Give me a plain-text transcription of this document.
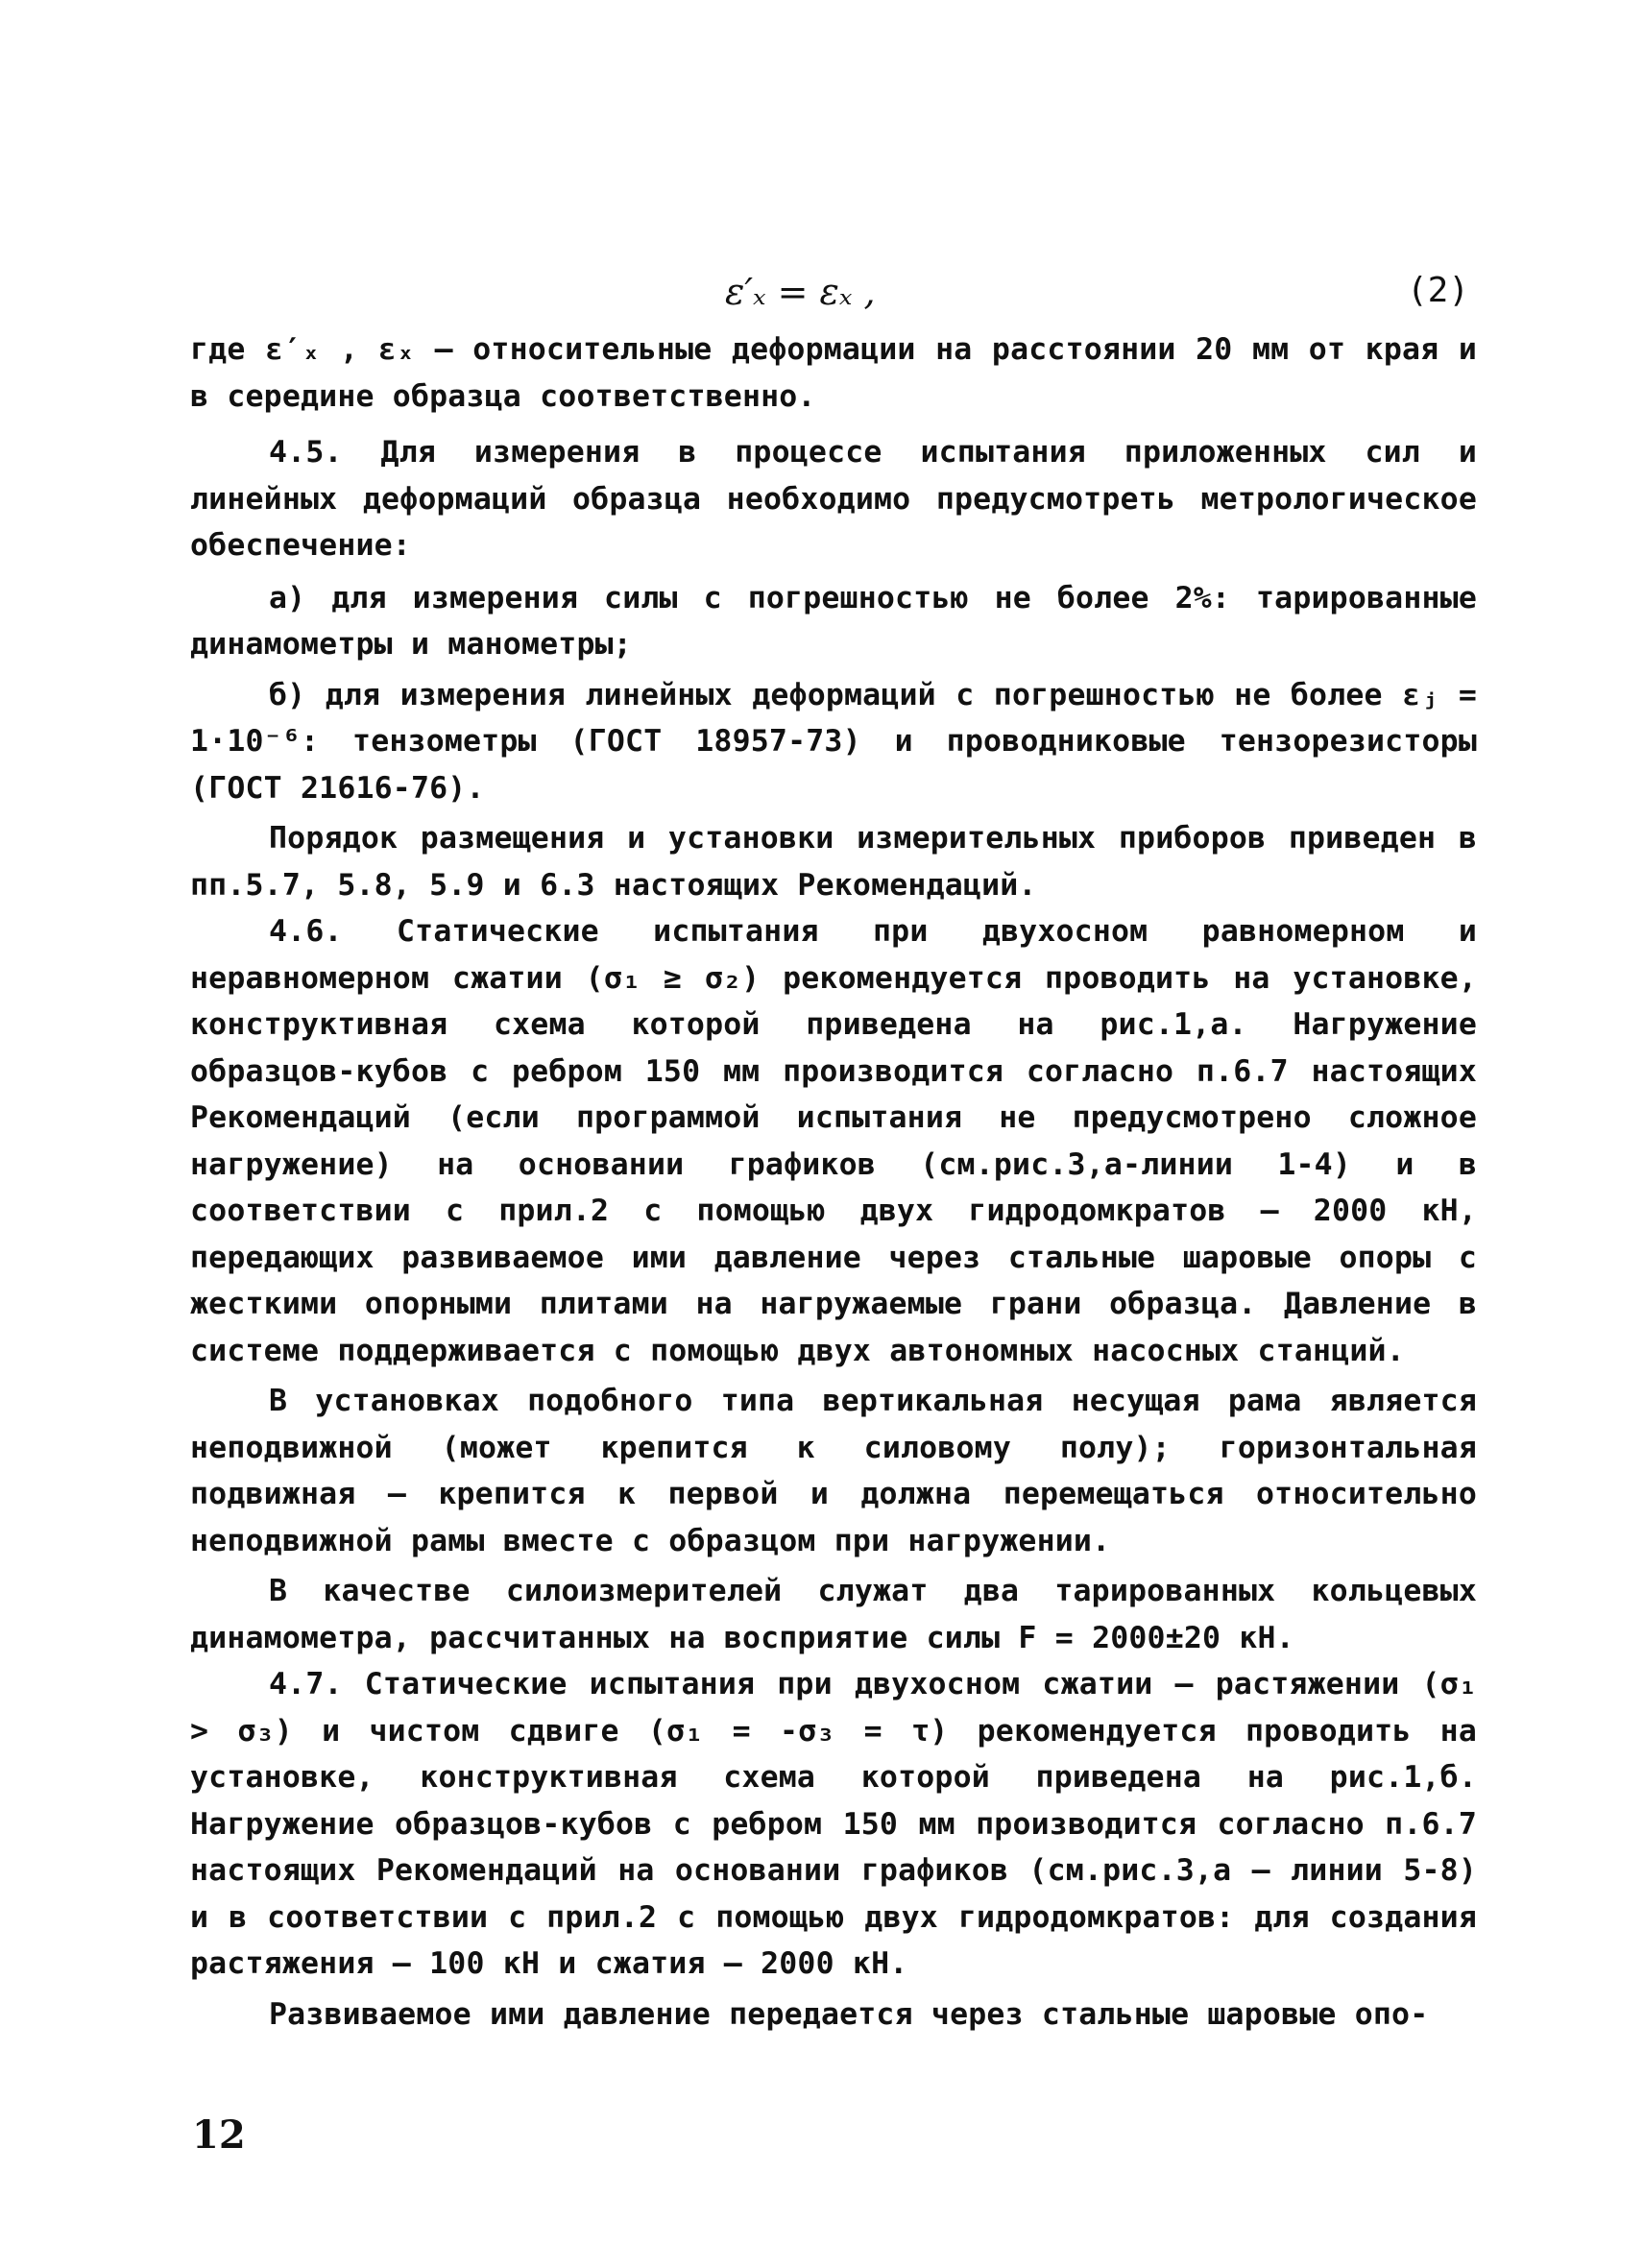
ε′ₓ = εₓ ,	(2)

где ε′ₓ , εₓ – относительные деформации на расстоянии 20 мм от края и в середине образца соответственно.

4.5. Для измерения в процессе испытания приложенных сил и линейных деформаций образца необходимо предусмотреть метрологическое обеспечение:

а) для измерения силы с погрешностью не более 2%: тарированные динамометры и манометры;

б) для измерения линейных деформаций с погрешностью не более εⱼ = 1·10⁻⁶: тензометры (ГОСТ 18957-73) и проводниковые тензорезисторы (ГОСТ 21616-76).

Порядок размещения и установки измерительных приборов приведен в пп.5.7, 5.8, 5.9 и 6.3 настоящих Рекомендаций.

4.6. Статические испытания при двухосном равномерном и неравномерном сжатии (σ₁ ≥ σ₂) рекомендуется проводить на установке, конструктивная схема которой приведена на рис.1,а. Нагружение образцов-кубов с ребром 150 мм производится согласно п.6.7 настоящих Рекомендаций (если программой испытания не предусмотрено сложное нагружение) на основании графиков (см.рис.3,а-линии 1-4) и в соответствии с прил.2 с помощью двух гидродомкратов – 2000 кН, передающих развиваемое ими давление через стальные шаровые опоры с жесткими опорными плитами на нагружаемые грани образца. Давление в системе поддерживается с помощью двух автономных насосных станций.

В установках подобного типа вертикальная несущая рама является неподвижной (может крепится к силовому полу); горизонтальная подвижная – крепится к первой и должна перемещаться относительно неподвижной рамы вместе с образцом при нагружении.

В качестве силоизмерителей служат два тарированных кольцевых динамометра, рассчитанных на восприятие силы F = 2000±20 кН.

4.7. Статические испытания при двухосном сжатии – растяжении (σ₁ > σ₃) и чистом сдвиге (σ₁ = -σ₃ = τ) рекомендуется проводить на установке, конструктивная схема которой приведена на рис.1,б. Нагружение образцов-кубов с ребром 150 мм производится согласно п.6.7 настоящих Рекомендаций на основании графиков (см.рис.3,а – линии 5-8) и в соответствии с прил.2 с помощью двух гидродомкратов: для создания растяжения – 100 кН и сжатия – 2000 кН.

Развиваемое ими давление передается через стальные шаровые опо-

12
